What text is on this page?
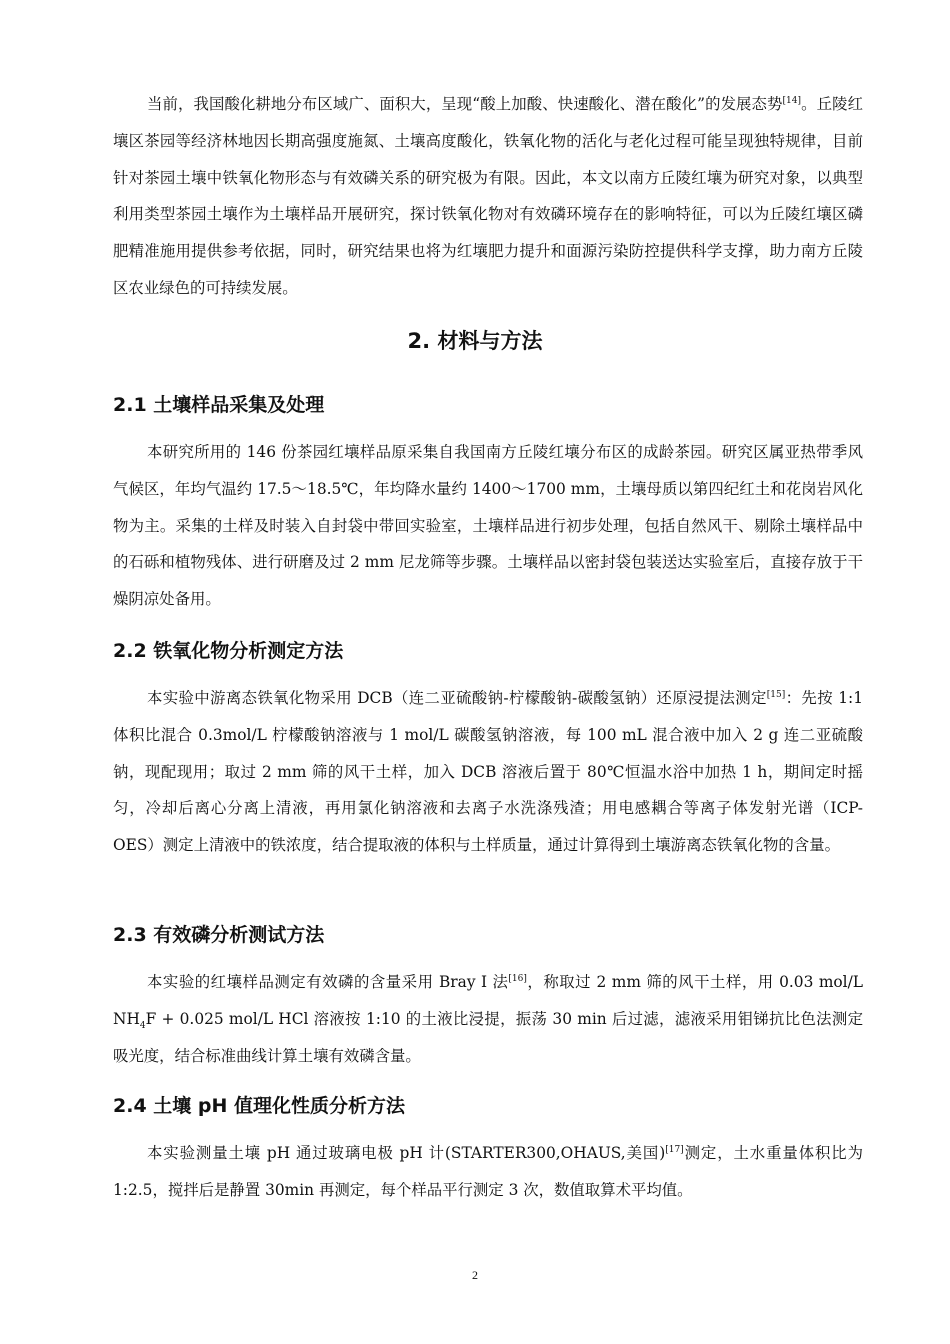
当前，我国酸化耕地分布区域广、面积大，呈现“酸上加酸、快速酸化、潜在酸化”的发展态势[14]。丘陵红壤区茶园等经济林地因长期高强度施氮、土壤高度酸化，铁氧化物的活化与老化过程可能呈现独特规律，目前针对茶园土壤中铁氧化物形态与有效磷关系的研究极为有限。因此，本文以南方丘陵红壤为研究对象，以典型利用类型茶园土壤作为土壤样品开展研究，探讨铁氧化物对有效磷环境存在的影响特征，可以为丘陵红壤区磷肥精准施用提供参考依据，同时，研究结果也将为红壤肥力提升和面源污染防控提供科学支撑，助力南方丘陵区农业绿色的可持续发展。

2. 材料与方法
2.1 土壤样品采集及处理

本研究所用的 146 份茶园红壤样品原采集自我国南方丘陵红壤分布区的成龄茶园。研究区属亚热带季风气候区，年均气温约 17.5～18.5℃，年均降水量约 1400～1700 mm，土壤母质以第四纪红土和花岗岩风化物为主。采集的土样及时装入自封袋中带回实验室，土壤样品进行初步处理，包括自然风干、剔除土壤样品中的石砾和植物残体、进行研磨及过 2 mm 尼龙筛等步骤。土壤样品以密封袋包装送达实验室后，直接存放于干燥阴凉处备用。

2.2 铁氧化物分析测定方法

本实验中游离态铁氧化物采用 DCB（连二亚硫酸钠-柠檬酸钠-碳酸氢钠）还原浸提法测定[15]：先按 1:1 体积比混合 0.3mol/L 柠檬酸钠溶液与 1 mol/L 碳酸氢钠溶液，每 100 mL 混合液中加入 2 g 连二亚硫酸钠，现配现用；取过 2 mm 筛的风干土样，加入 DCB 溶液后置于 80℃恒温水浴中加热 1 h，期间定时摇匀，冷却后离心分离上清液，再用氯化钠溶液和去离子水洗涤残渣；用电感耦合等离子体发射光谱（ICP-OES）测定上清液中的铁浓度，结合提取液的体积与土样质量，通过计算得到土壤游离态铁氧化物的含量。

2.3 有效磷分析测试方法

本实验的红壤样品测定有效磷的含量采用 Bray I 法[16]，称取过 2 mm 筛的风干土样，用 0.03 mol/L $NH_4F + 0.025$ mol/L HCl 溶液按 1:10 的土液比浸提，振荡 30 min 后过滤，滤液采用钼锑抗比色法测定吸光度，结合标准曲线计算土壤有效磷含量。

2.4 土壤 pH 值理化性质分析方法

本实验测量土壤 pH 通过玻璃电极 pH 计(STARTER300,OHAUS,美国)[17]测定，土水重量体积比为 1:2.5，搅拌后是静置 30min 再测定，每个样品平行测定 3 次，数值取算术平均值。

2
